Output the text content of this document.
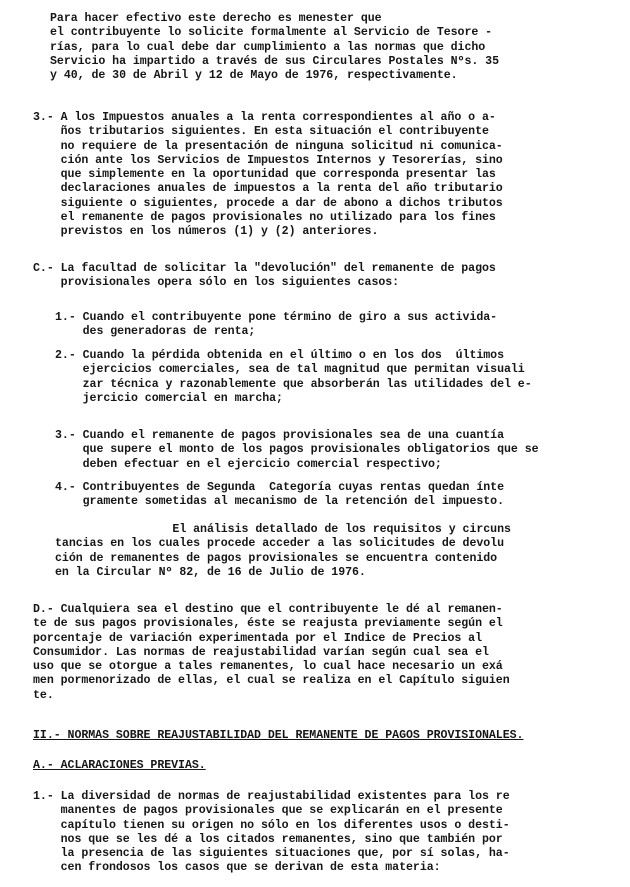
Para hacer efectivo este derecho es menester que
el contribuyente lo solicite formalmente al Servicio de Tesore -
rías, para lo cual debe dar cumplimiento a las normas que dicho
Servicio ha impartido a través de sus Circulares Postales Nºs. 35
y 40, de 30 de Abril y 12 de Mayo de 1976, respectivamente.
3.- A los Impuestos anuales a la renta correspondientes al año o a-
ños tributarios siguientes. En esta situación el contribuyente
no requiere de la presentación de ninguna solicitud ni comunica-
ción ante los Servicios de Impuestos Internos y Tesorerías, sino
que simplemente en la oportunidad que corresponda presentar las
declaraciones anuales de impuestos a la renta del año tributario
siguiente o siguientes, procede a dar de abono a dichos tributos
el remanente de pagos provisionales no utilizado para los fines
previstos en los números (1) y (2) anteriores.
C.- La facultad de solicitar la "devolución" del remanente de pagos
provisionales opera sólo en los siguientes casos:
1.- Cuando el contribuyente pone término de giro a sus activida-
des generadoras de renta;
2.- Cuando la pérdida obtenida en el último o en los dos  últimos
ejercicios comerciales, sea de tal magnitud que permitan visuali
zar técnica y razonablemente que absorberán las utilidades del e-
jercicio comercial en marcha;
3.- Cuando el remanente de pagos provisionales sea de una cuantía
que supere el monto de los pagos provisionales obligatorios que se
deben efectuar en el ejercicio comercial respectivo;
4.- Contribuyentes de Segunda  Categoría cuyas rentas quedan ínte
gramente sometidas al mecanismo de la retención del impuesto.
El análisis detallado de los requisitos y circuns
tancias en los cuales procede acceder a las solicitudes de devolu
ción de remanentes de pagos provisionales se encuentra contenido
en la Circular Nº 82, de 16 de Julio de 1976.
D.- Cualquiera sea el destino que el contribuyente le dé al remanen-
te de sus pagos provisionales, éste se reajusta previamente según el
porcentaje de variación experimentada por el Indice de Precios al
Consumidor. Las normas de reajustabilidad varían según cual sea el
uso que se otorgue a tales remanentes, lo cual hace necesario un exá
men pormenorizado de ellas, el cual se realiza en el Capítulo siguien
te.
II.- NORMAS SOBRE REAJUSTABILIDAD DEL REMANENTE DE PAGOS PROVISIONALES.
A.- ACLARACIONES PREVIAS.
1.- La diversidad de normas de reajustabilidad existentes para los re
manentes de pagos provisionales que se explicarán en el presente
capítulo tienen su origen no sólo en los diferentes usos o desti-
nos que se les dé a los citados remanentes, sino que también por
la presencia de las siguientes situaciones que, por sí solas, ha-
cen frondosos los casos que se derivan de esta materia:
